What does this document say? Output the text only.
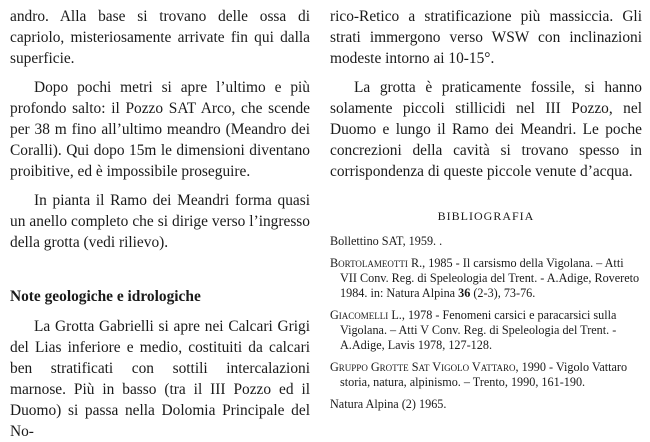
andro. Alla base si trovano delle ossa di capriolo, misteriosamente arrivate fin qui dalla superficie.

Dopo pochi metri si apre l’ultimo e più profondo salto: il Pozzo SAT Arco, che scende per 38 m fino all’ultimo meandro (Meandro dei Coralli). Qui dopo 15m le dimensioni diventano proibitive, ed è impossibile proseguire.

In pianta il Ramo dei Meandri forma quasi un anello completo che si dirige verso l’ingresso della grotta (vedi rilievo).

Note geologiche e idrologiche

La Grotta Gabrielli si apre nei Calcari Grigi del Lias inferiore e medio, costituiti da calcari ben stratificati con sottili intercalazioni marnose. Più in basso (tra il III Pozzo ed il Duomo) si passa nella Dolomia Principale del No-

rico-Retico a stratificazione più massiccia. Gli strati immergono verso WSW con inclinazioni modeste intorno ai 10-15°.

La grotta è praticamente fossile, si hanno solamente piccoli stillicidi nel III Pozzo, nel Duomo e lungo il Ramo dei Meandri. Le poche concrezioni della cavità si trovano spesso in corrispondenza di queste piccole venute d’acqua.

BIBLIOGRAFIA

Bollettino SAT, 1959. .

Bortolameotti R., 1985 - Il carsismo della Vigolana. – Atti VII Conv. Reg. di Speleologia del Trent. - A.Adige, Rovereto 1984. in: Natura Alpina 36 (2-3), 73-76.

Giacomelli L., 1978 - Fenomeni carsici e paracarsici sulla Vigolana. – Atti V Conv. Reg. di Speleologia del Trent. - A.Adige, Lavis 1978, 127-128.

Gruppo Grotte Sat Vigolo Vattaro, 1990 - Vigolo Vattaro storia, natura, alpinismo. – Trento, 1990, 161-190.

Natura Alpina (2) 1965.
